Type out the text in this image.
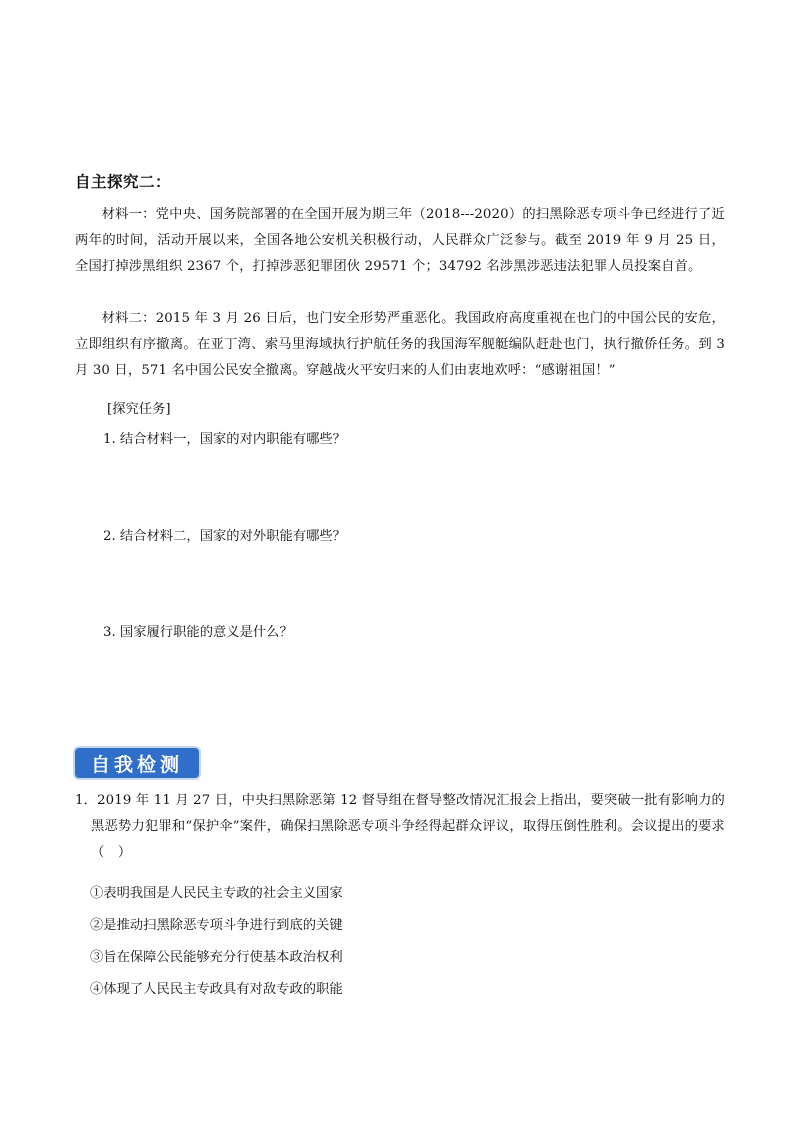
自主探究二：

材料一：党中央、国务院部署的在全国开展为期三年（2018---2020）的扫黑除恶专项斗争已经进行了近两年的时间，活动开展以来，全国各地公安机关积极行动，人民群众广泛参与。截至 2019 年 9 月 25 日，全国打掉涉黑组织 2367 个，打掉涉恶犯罪团伙 29571 个；34792 名涉黑涉恶违法犯罪人员投案自首。

材料二：2015 年 3 月 26 日后，也门安全形势严重恶化。我国政府高度重视在也门的中国公民的安危，立即组织有序撤离。在亚丁湾、索马里海域执行护航任务的我国海军舰艇编队赶赴也门，执行撤侨任务。到 3 月 30 日，571 名中国公民安全撤离。穿越战火平安归来的人们由衷地欢呼：“感谢祖国！”

[探究任务]
1. 结合材料一，国家的对内职能有哪些？
2. 结合材料二，国家的对外职能有哪些？
3. 国家履行职能的意义是什么？
自我检测
1．2019 年 11 月 27 日，中央扫黑除恶第 12 督导组在督导整改情况汇报会上指出，要突破一批有影响力的黑恶势力犯罪和“保护伞”案件，确保扫黑除恶专项斗争经得起群众评议，取得压倒性胜利。会议提出的要求（　）
①表明我国是人民民主专政的社会主义国家
②是推动扫黑除恶专项斗争进行到底的关键
③旨在保障公民能够充分行使基本政治权利
④体现了人民民主专政具有对敌专政的职能
